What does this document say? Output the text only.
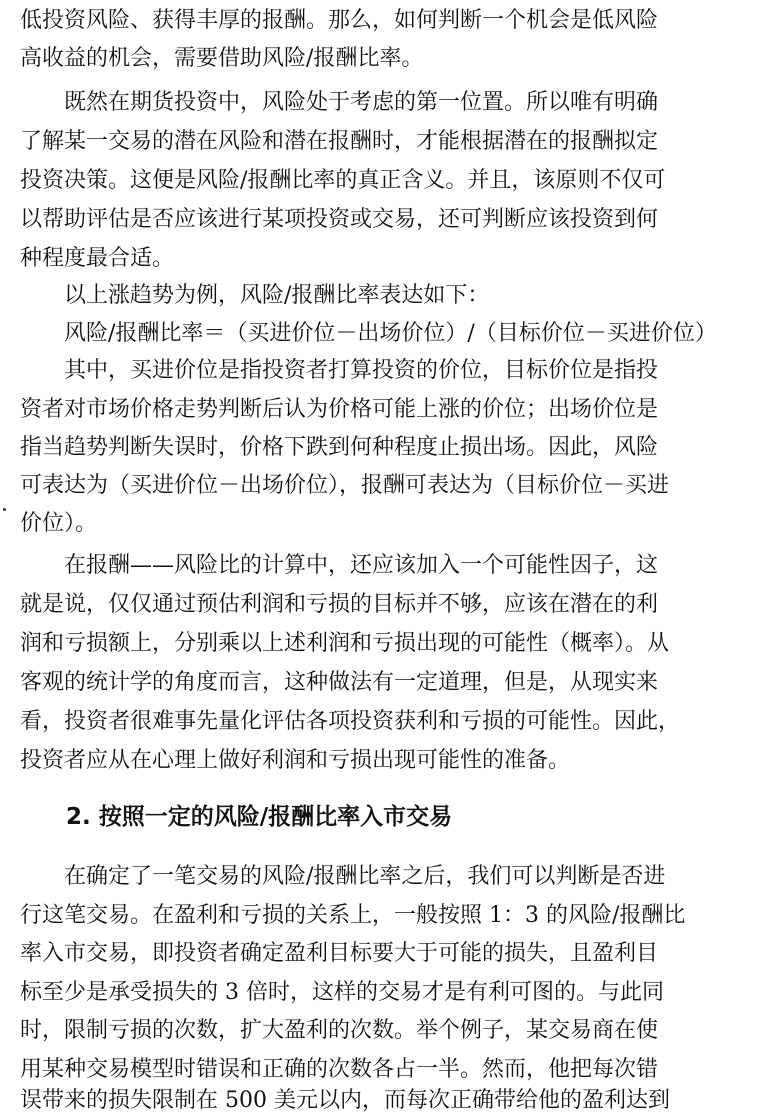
低投资风险、获得丰厚的报酬。那么，如何判断一个机会是低风险
高收益的机会，需要借助风险/报酬比率。
既然在期货投资中，风险处于考虑的第一位置。所以唯有明确
了解某一交易的潜在风险和潜在报酬时，才能根据潜在的报酬拟定
投资决策。这便是风险/报酬比率的真正含义。并且，该原则不仅可
以帮助评估是否应该进行某项投资或交易，还可判断应该投资到何
种程度最合适。
以上涨趋势为例，风险/报酬比率表达如下：
风险/报酬比率＝（买进价位－出场价位）/（目标价位－买进价位）
其中，买进价位是指投资者打算投资的价位，目标价位是指投
资者对市场价格走势判断后认为价格可能上涨的价位；出场价位是
指当趋势判断失误时，价格下跌到何种程度止损出场。因此，风险
可表达为（买进价位－出场价位），报酬可表达为（目标价位－买进
价位）。
在报酬——风险比的计算中，还应该加入一个可能性因子，这
就是说，仅仅通过预估利润和亏损的目标并不够，应该在潜在的利
润和亏损额上，分别乘以上述利润和亏损出现的可能性（概率）。从
客观的统计学的角度而言，这种做法有一定道理，但是，从现实来
看，投资者很难事先量化评估各项投资获利和亏损的可能性。因此，
投资者应从在心理上做好利润和亏损出现可能性的准备。
2. 按照一定的风险/报酬比率入市交易
在确定了一笔交易的风险/报酬比率之后，我们可以判断是否进
行这笔交易。在盈利和亏损的关系上，一般按照 1：3 的风险/报酬比
率入市交易，即投资者确定盈利目标要大于可能的损失，且盈利目
标至少是承受损失的 3 倍时，这样的交易才是有利可图的。与此同
时，限制亏损的次数，扩大盈利的次数。举个例子，某交易商在使
用某种交易模型时错误和正确的次数各占一半。然而，他把每次错
误带来的损失限制在 500 美元以内，而每次正确带给他的盈利达到
